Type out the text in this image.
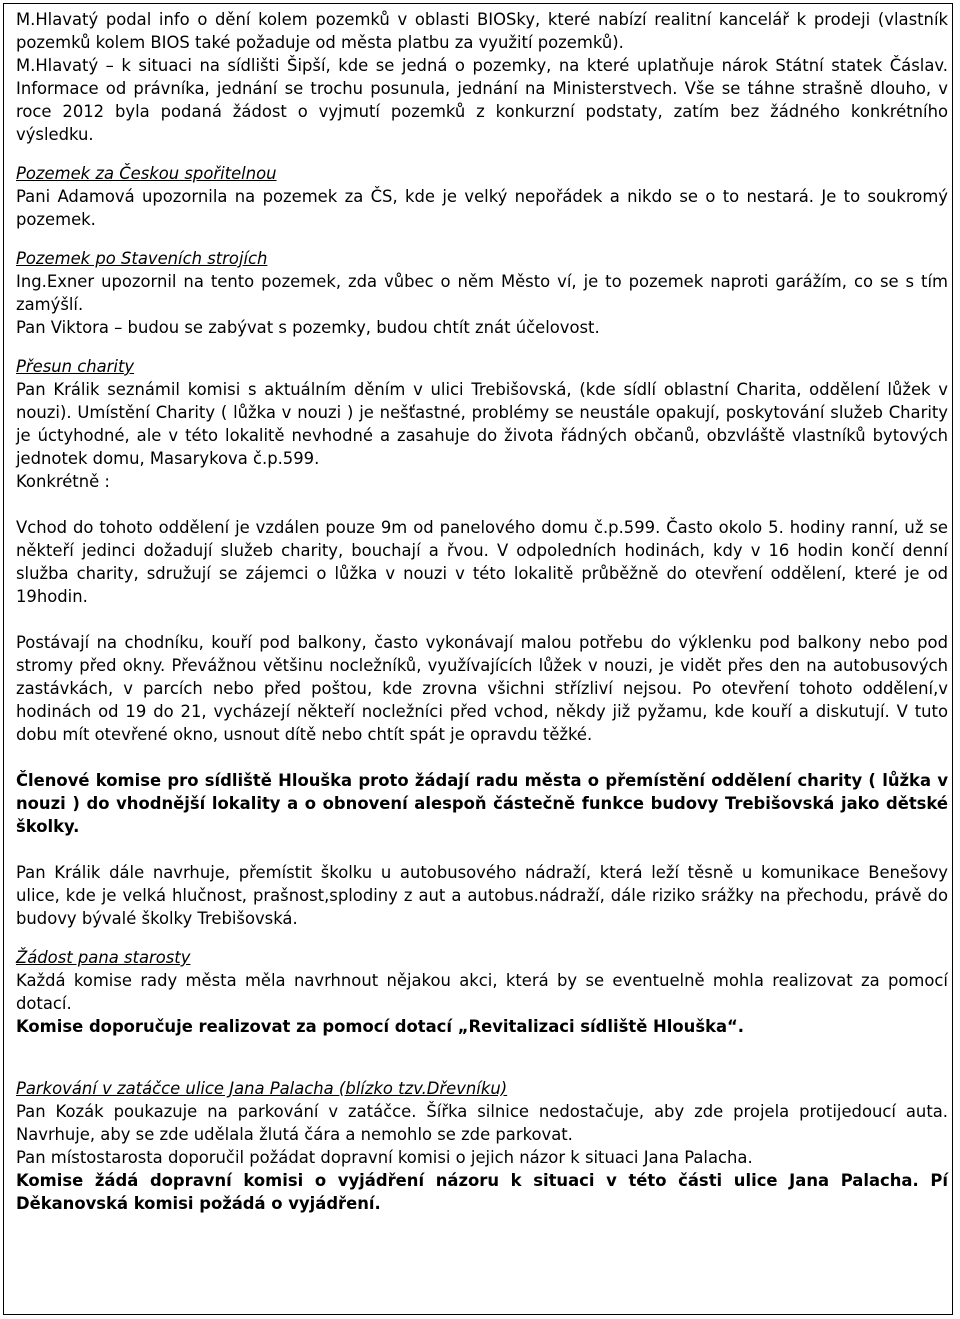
M.Hlavatý podal info o dění kolem pozemků v oblasti BIOSky, které nabízí realitní kancelář k prodeji (vlastník pozemků kolem BIOS také požaduje od města platbu za využití pozemků).

M.Hlavatý – k situaci na sídlišti Šipší, kde se jedná o pozemky, na které uplatňuje nárok Státní statek Čáslav. Informace od právníka, jednání se trochu posunula, jednání na Ministerstvech. Vše se táhne strašně dlouho, v roce 2012 byla podaná žádost o vyjmutí pozemků z konkurzní podstaty, zatím bez žádného konkrétního výsledku.

Pozemek za Českou spořitelnou

Pani Adamová upozornila na pozemek za ČS, kde je velký nepořádek a nikdo se o to nestará. Je to soukromý pozemek.

Pozemek po Staveních strojích

Ing.Exner upozornil na tento pozemek, zda vůbec o něm Město ví, je to pozemek naproti garážím, co se s tím zamýšlí.

Pan Viktora – budou se zabývat s pozemky, budou chtít znát účelovost.

Přesun charity

Pan Králik seznámil komisi s aktuálním děním v ulici Trebišovská, (kde sídlí oblastní Charita, oddělení lůžek v nouzi). Umístění Charity ( lůžka v nouzi ) je nešťastné, problémy se neustále opakují, poskytování služeb Charity je úctyhodné, ale v této lokalitě nevhodné a zasahuje do života řádných občanů, obzvláště vlastníků bytových jednotek domu, Masarykova č.p.599.

Konkrétně :

Vchod do tohoto oddělení je vzdálen pouze 9m od panelového domu č.p.599. Často okolo 5. hodiny ranní, už se někteří jedinci dožadují služeb charity, bouchají a řvou. V odpoledních hodinách, kdy v 16 hodin končí denní služba charity, sdružují se zájemci o lůžka v nouzi v této lokalitě průběžně do otevření oddělení, které je od 19hodin.

Postávají na chodníku, kouří pod balkony, často vykonávají malou potřebu do výklenku pod balkony nebo pod stromy před okny. Převážnou většinu nocležníků, využívajících lůžek v nouzi, je vidět přes den na autobusových zastávkách, v parcích nebo před poštou, kde zrovna všichni střízliví nejsou. Po otevření tohoto oddělení,v hodinách od 19 do 21, vycházejí někteří nocležníci před vchod, někdy již pyžamu, kde kouří a diskutují. V tuto dobu mít otevřené okno, usnout dítě nebo chtít spát je opravdu těžké.

Členové komise pro sídliště Hlouška proto žádají radu města o přemístění oddělení charity ( lůžka v nouzi ) do vhodnější lokality a o obnovení alespoň částečně funkce budovy Trebišovská jako dětské školky.

Pan Králik dále navrhuje, přemístit školku u autobusového nádraží, která leží těsně u komunikace Benešovy ulice, kde je velká hlučnost, prašnost,splodiny z aut a autobus.nádraží, dále riziko srážky na přechodu, právě do budovy bývalé školky Trebišovská.

Žádost pana starosty

Každá komise rady města měla navrhnout nějakou akci, která by se eventuelně mohla realizovat za pomocí dotací.

Komise doporučuje realizovat za pomocí dotací „Revitalizaci sídliště Hlouška“.

Parkování v zatáčce ulice Jana Palacha (blízko tzv.Dřevníku)

Pan Kozák poukazuje na parkování v zatáčce. Šířka silnice nedostačuje, aby zde projela protijedoucí auta. Navrhuje, aby se zde udělala žlutá čára a nemohlo se zde parkovat.

Pan místostarosta doporučil požádat dopravní komisi o jejich názor k situaci Jana Palacha.

Komise žádá dopravní komisi o vyjádření názoru k situaci v této části ulice Jana Palacha. Pí Děkanovská komisi požádá o vyjádření.
